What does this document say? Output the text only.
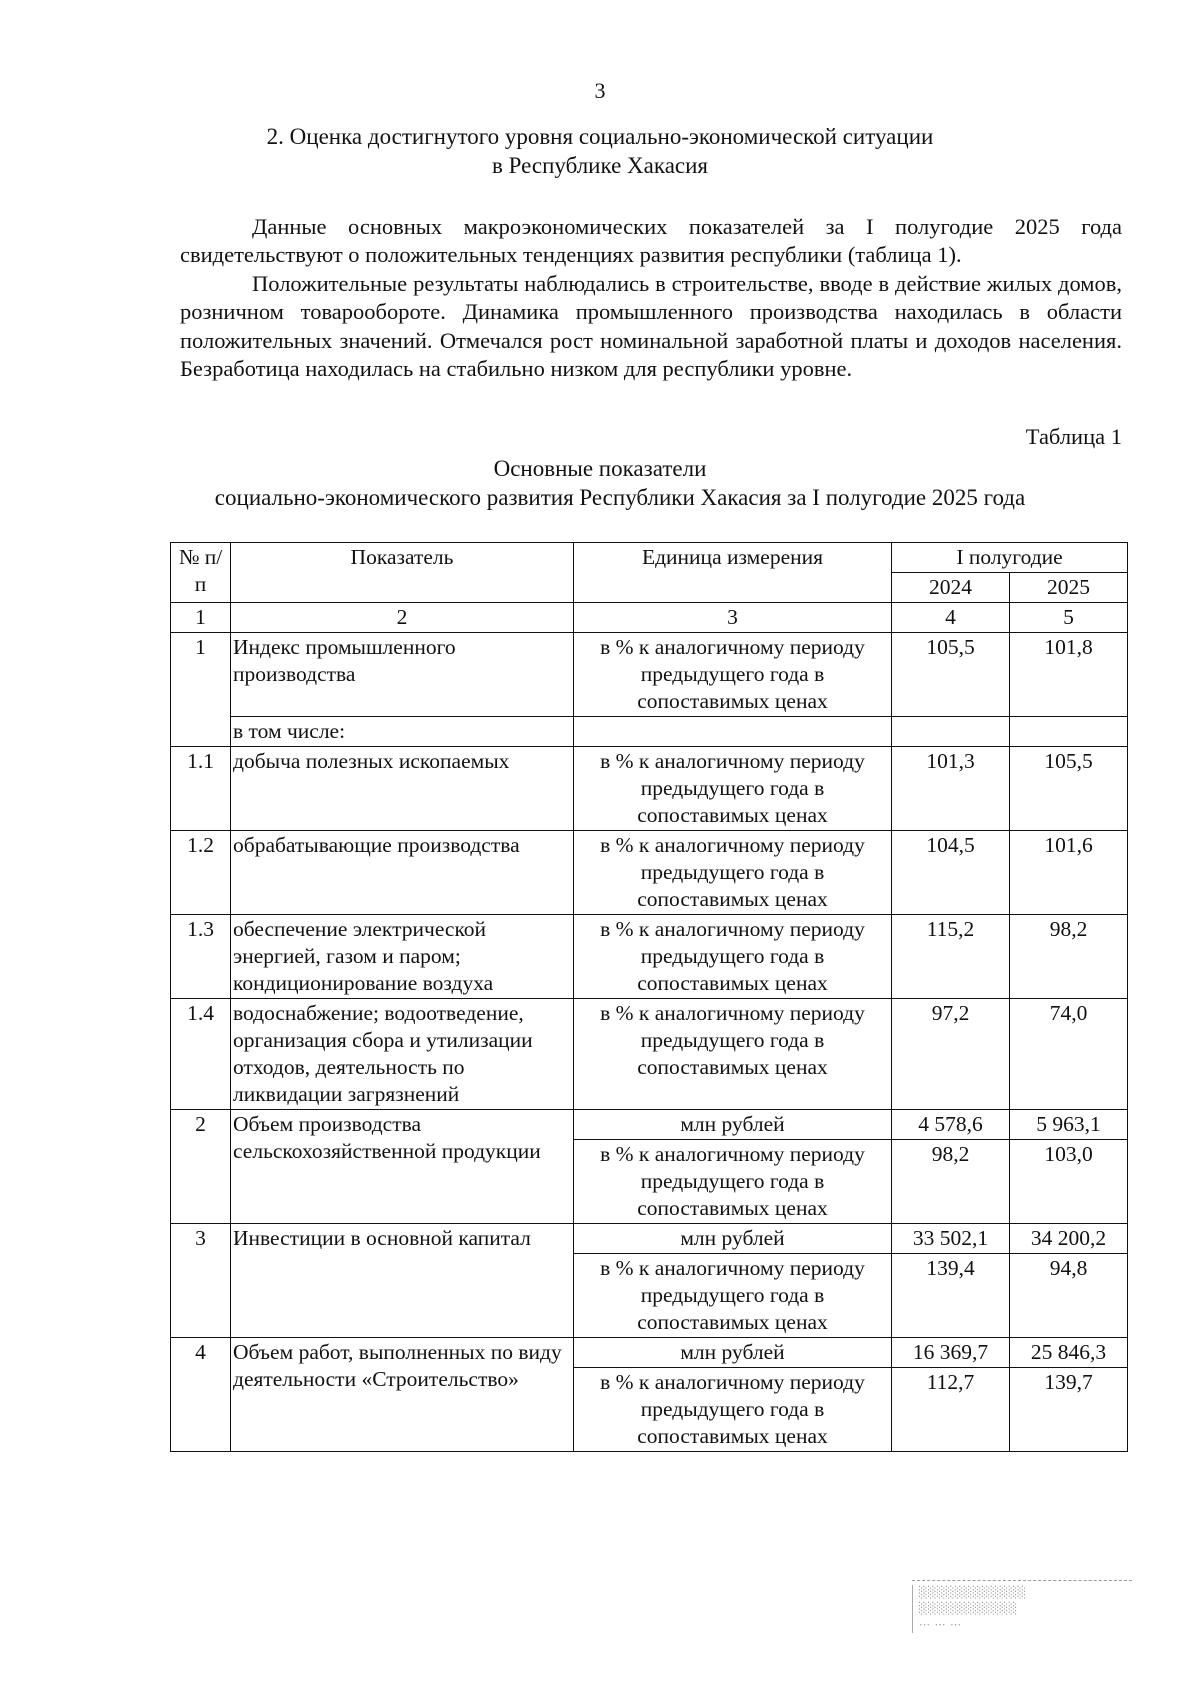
3
2. Оценка достигнутого уровня социально-экономической ситуации
в Республике Хакасия

Данные основных макроэкономических показателей за I полугодие 2025 года свидетельствуют о положительных тенденциях развития республики (таблица 1).

Положительные результаты наблюдались в строительстве, вводе в действие жилых домов, розничном товарообороте. Динамика промышленного производства находилась в области положительных значений. Отмечался рост номинальной заработной платы и доходов населения. Безработица находилась на стабильно низком для республики уровне.

Таблица 1
Основные показатели
социально-экономического развития Республики Хакасия за I полугодие 2025 года
№ п/п	Показатель	Единица измерения	I полугодие	
			2024	2025
1	2	3	4	5
1	Индекс промышленного производства	в % к аналогичному периоду предыдущего года в сопоставимых ценах	105,5	101,8
	в том числе:			
1.1	добыча полезных ископаемых	в % к аналогичному периоду предыдущего года в сопоставимых ценах	101,3	105,5
1.2	обрабатывающие производства	в % к аналогичному периоду предыдущего года в сопоставимых ценах	104,5	101,6
1.3	обеспечение электрической энергией, газом и паром; кондиционирование воздуха	в % к аналогичному периоду предыдущего года в сопоставимых ценах	115,2	98,2
1.4	водоснабжение; водоотведение, организация сбора и утилизации отходов, деятельность по ликвидации загрязнений	в % к аналогичному периоду предыдущего года в сопоставимых ценах	97,2	74,0
2	Объем производства сельскохозяйственной продукции	млн рублей	4 578,6	5 963,1
		в % к аналогичному периоду предыдущего года в сопоставимых ценах	98,2	103,0
3	Инвестиции в основной капитал	млн рублей	33 502,1	34 200,2
		в % к аналогичному периоду предыдущего года в сопоставимых ценах	139,4	94,8
4	Объем работ, выполненных по виду деятельности «Строительство»	млн рублей	16 369,7	25 846,3
		в % к аналогичному периоду предыдущего года в сопоставимых ценах	112,7	139,7
░░░░░░░░░░░░
░░░░░░░░░░░
⋯ ⋯ ⋯
